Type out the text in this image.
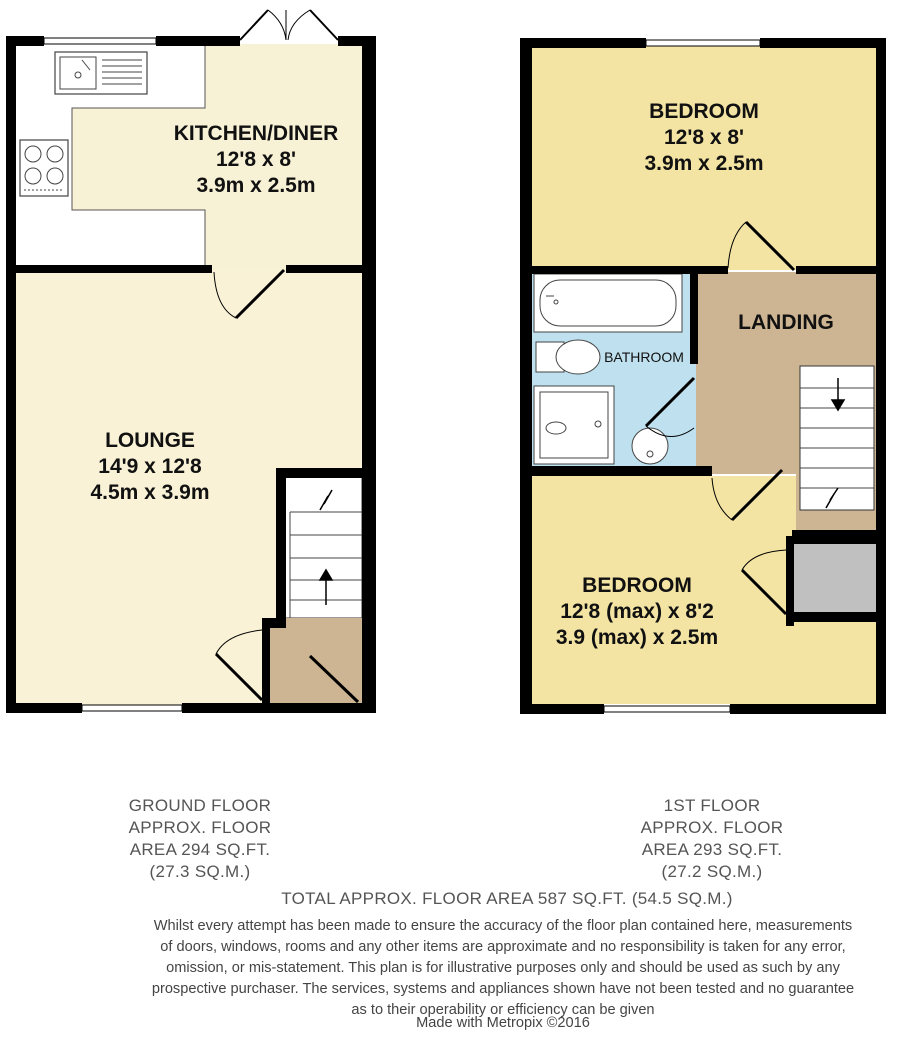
KITCHEN/DINER
12'8 x 8'
3.9m x 2.5m
LOUNGE
14'9 x 12'8
4.5m x 3.9m
BEDROOM
12'8 x 8'
3.9m x 2.5m
LANDING
BATHROOM
BEDROOM
12'8 (max) x 8'2
3.9 (max) x 2.5m
GROUND FLOOR
APPROX. FLOOR
AREA 294 SQ.FT.
(27.3 SQ.M.)
1ST FLOOR
APPROX. FLOOR
AREA 293 SQ.FT.
(27.2 SQ.M.)
TOTAL APPROX. FLOOR AREA 587 SQ.FT. (54.5 SQ.M.)
Whilst every attempt has been made to ensure the accuracy of the floor plan contained here, measurements
of doors, windows, rooms and any other items are approximate and no responsibility is taken for any error,
omission, or mis-statement. This plan is for illustrative purposes only and should be used as such by any
prospective purchaser. The services, systems and appliances shown have not been tested and no guarantee
as to their operability or efficiency can be given
Made with Metropix ©2016
